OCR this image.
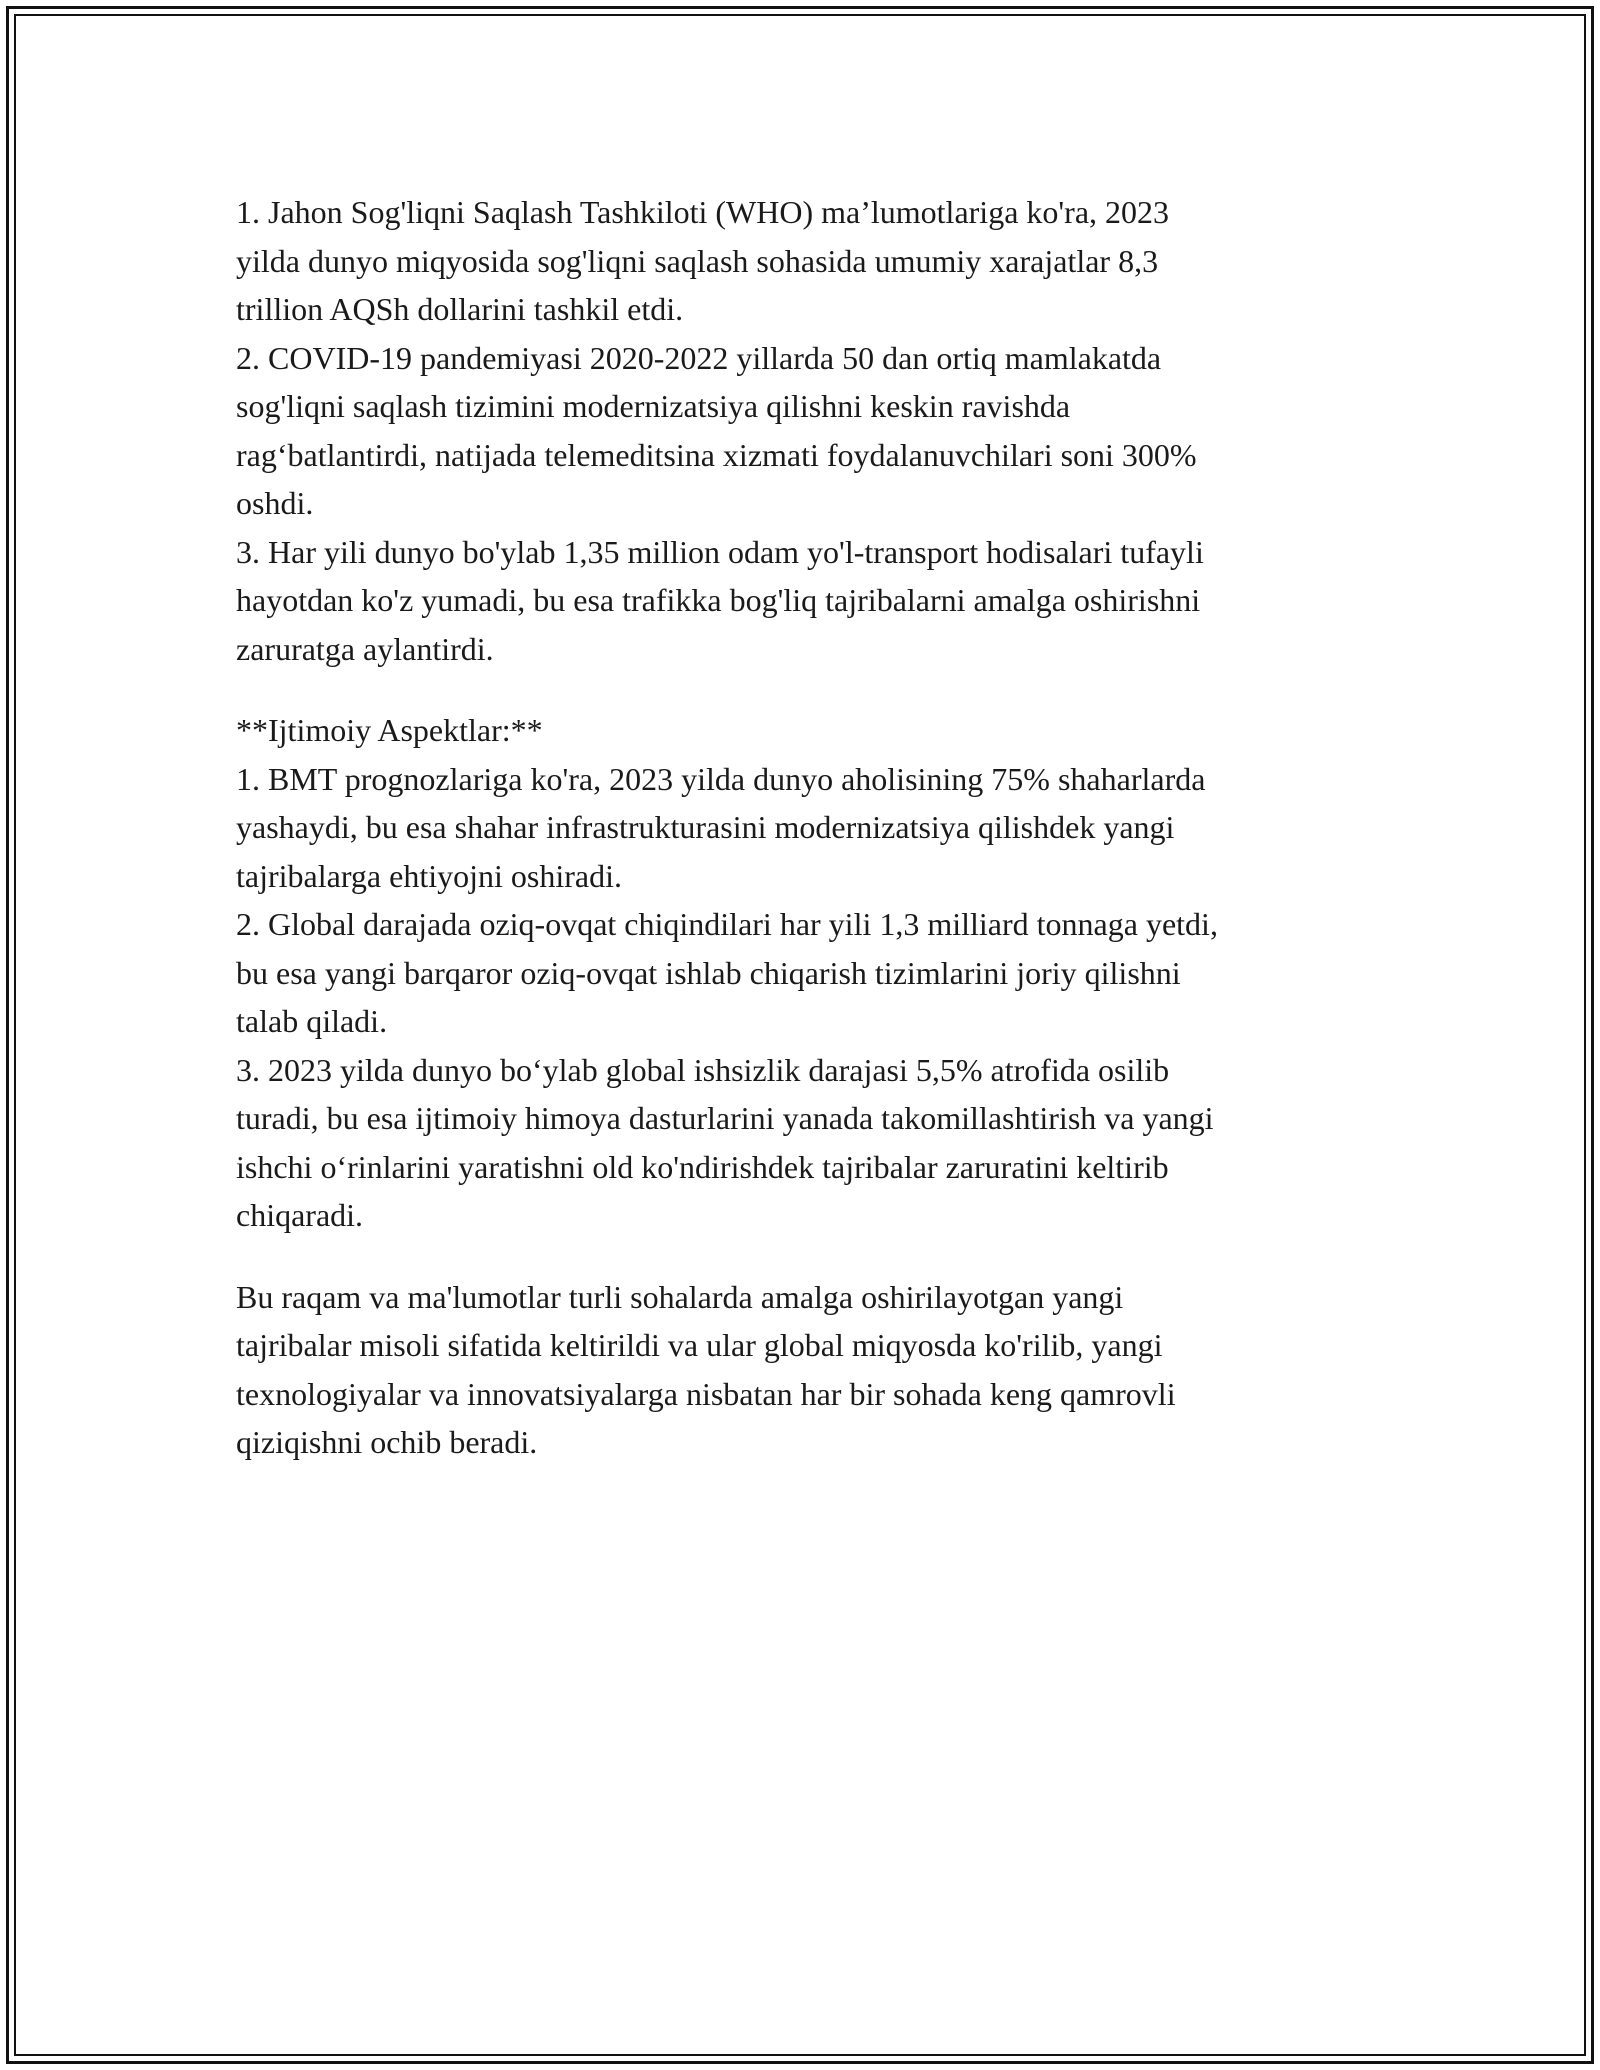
1. Jahon Sog'liqni Saqlash Tashkiloti (WHO) ma’lumotlariga ko'ra, 2023

yilda dunyo miqyosida sog'liqni saqlash sohasida umumiy xarajatlar 8,3

trillion AQSh dollarini tashkil etdi.

2. COVID-19 pandemiyasi 2020-2022 yillarda 50 dan ortiq mamlakatda

sog'liqni saqlash tizimini modernizatsiya qilishni keskin ravishda

rag‘batlantirdi, natijada telemeditsina xizmati foydalanuvchilari soni 300%

oshdi.

3. Har yili dunyo bo'ylab 1,35 million odam yo'l-transport hodisalari tufayli

hayotdan ko'z yumadi, bu esa trafikka bog'liq tajribalarni amalga oshirishni

zaruratga aylantirdi.

**Ijtimoiy Aspektlar:**

1. BMT prognozlariga ko'ra, 2023 yilda dunyo aholisining 75% shaharlarda

yashaydi, bu esa shahar infrastrukturasini modernizatsiya qilishdek yangi

tajribalarga ehtiyojni oshiradi.

2. Global darajada oziq-ovqat chiqindilari har yili 1,3 milliard tonnaga yetdi,

bu esa yangi barqaror oziq-ovqat ishlab chiqarish tizimlarini joriy qilishni

talab qiladi.

3. 2023 yilda dunyo bo‘ylab global ishsizlik darajasi 5,5% atrofida osilib

turadi, bu esa ijtimoiy himoya dasturlarini yanada takomillashtirish va yangi

ishchi o‘rinlarini yaratishni old ko'ndirishdek tajribalar zaruratini keltirib

chiqaradi.

Bu raqam va ma'lumotlar turli sohalarda amalga oshirilayotgan yangi

tajribalar misoli sifatida keltirildi va ular global miqyosda ko'rilib, yangi

texnologiyalar va innovatsiyalarga nisbatan har bir sohada keng qamrovli

qiziqishni ochib beradi.
